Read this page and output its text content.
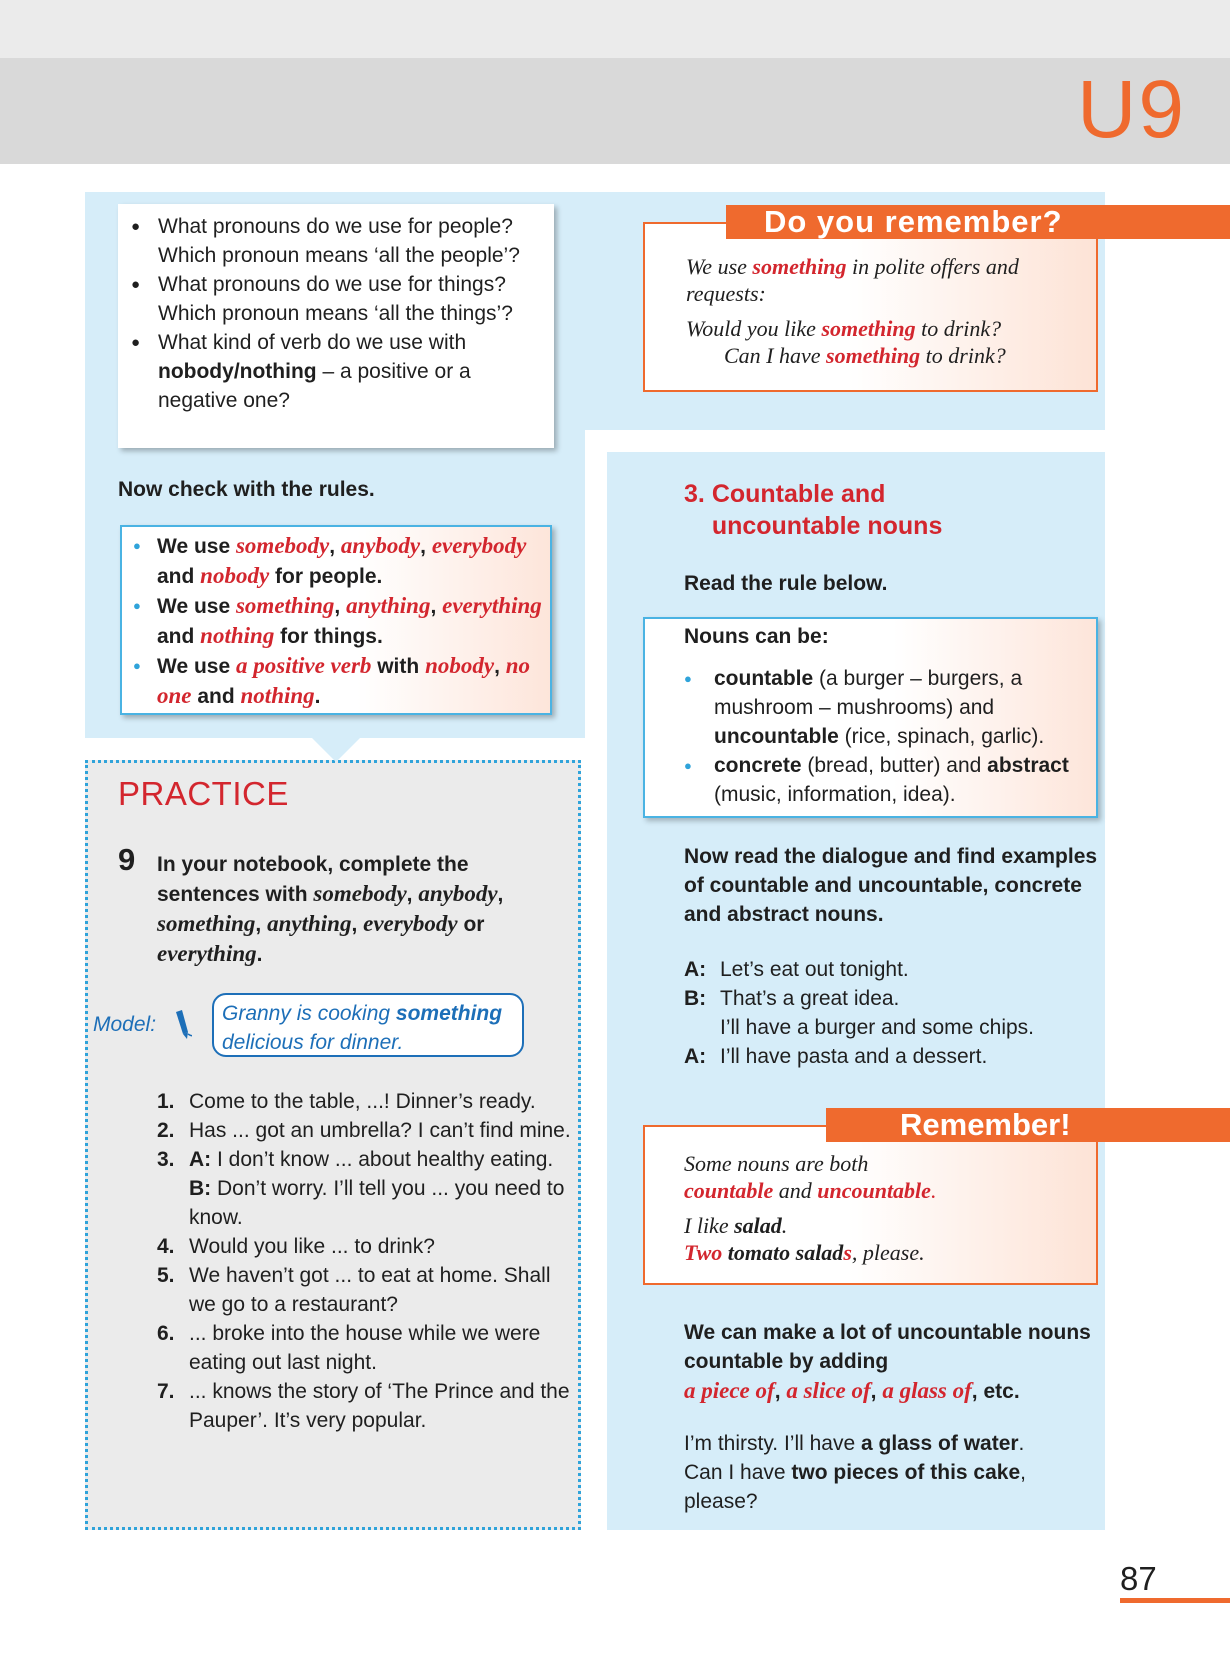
U9
● What pronouns do we use for people? Which pronoun means ‘all the people’?
● What pronouns do we use for things? Which pronoun means ‘all the things’?
● What kind of verb do we use with nobody/nothing – a positive or a negative one?
Now check with the rules.
● We use somebody, anybody, everybody and nobody for people.
● We use something, anything, everything and nothing for things.
● We use a positive verb with nobody, no one and nothing.
PRACTICE
9 In your notebook, complete the sentences with somebody, anybody, something, anything, everybody or everything.
Model:	Granny is cooking something delicious for dinner.
1. Come to the table, ...! Dinner’s ready.
2. Has ... got an umbrella? I can’t find mine.
3. A: I don’t know ... about healthy eating.
B: Don’t worry. I’ll tell you ... you need to know.
4. Would you like ... to drink?
5. We haven’t got ... to eat at home. Shall we go to a restaurant?
6. ... broke into the house while we were eating out last night.
7. ... knows the story of ‘The Prince and the Pauper’. It’s very popular.
Do you remember?
We use something in polite offers and requests:
Would you like something to drink?
Can I have something to drink?
3. Countable and uncountable nouns
Read the rule below.
Nouns can be:
● countable (a burger – burgers, a mushroom – mushrooms) and uncountable (rice, spinach, garlic).
● concrete (bread, butter) and abstract (music, information, idea).
Now read the dialogue and find examples of countable and uncountable, concrete and abstract nouns.
A: Let’s eat out tonight.
B: That’s a great idea.
I’ll have a burger and some chips.
A: I’ll have pasta and a dessert.
Remember!
Some nouns are both
countable and uncountable.
I like salad.
Two tomato salads, please.
We can make a lot of uncountable nouns countable by adding
a piece of, a slice of, a glass of, etc.
I’m thirsty. I’ll have a glass of water.
Can I have two pieces of this cake, please?
87
